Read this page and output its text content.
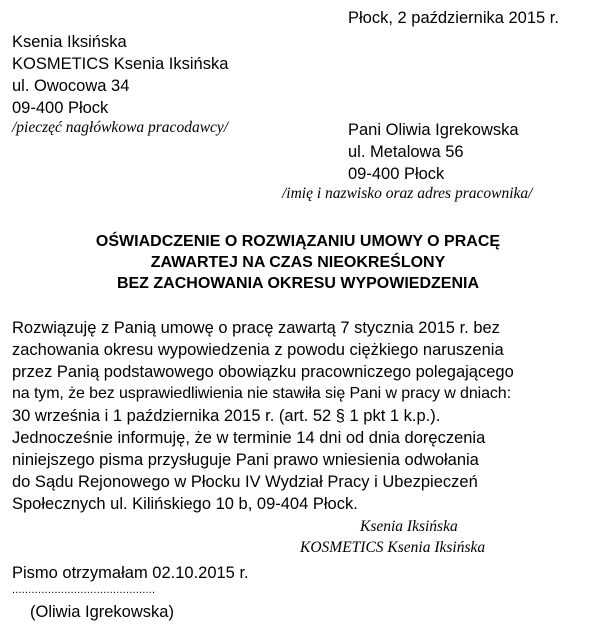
Płock, 2 października 2015 r.
Ksenia Iksińska
KOSMETICS Ksenia Iksińska
ul. Owocowa 34
09-400 Płock
/pieczęć nagłówkowa pracodawcy/	Pani Oliwia Igrekowska
ul. Metalowa 56
09-400 Płock
/imię i nazwisko oraz adres pracownika/
OŚWIADCZENIE O ROZWIĄZANIU UMOWY O PRACĘ
ZAWARTEJ NA CZAS NIEOKREŚLONY
BEZ ZACHOWANIA OKRESU WYPOWIEDZENIA
Rozwiązuję z Panią umowę o pracę zawartą 7 stycznia 2015 r. bez
zachowania okresu wypowiedzenia z powodu ciężkiego naruszenia
przez Panią podstawowego obowiązku pracowniczego polegającego
na tym, że bez usprawiedliwienia nie stawiła się Pani w pracy w dniach:
30 września i 1 października 2015 r. (art. 52 § 1 pkt 1 k.p.).
Jednocześnie informuję, że w terminie 14 dni od dnia doręczenia
niniejszego pisma przysługuje Pani prawo wniesienia odwołania
do Sądu Rejonowego w Płocku IV Wydział Pracy i Ubezpieczeń
Społecznych ul. Kilińskiego 10 b, 09-404 Płock.
Ksenia Iksińska
KOSMETICS Ksenia Iksińska
Pismo otrzymałam 02.10.2015 r.
............................................
(Oliwia Igrekowska)
